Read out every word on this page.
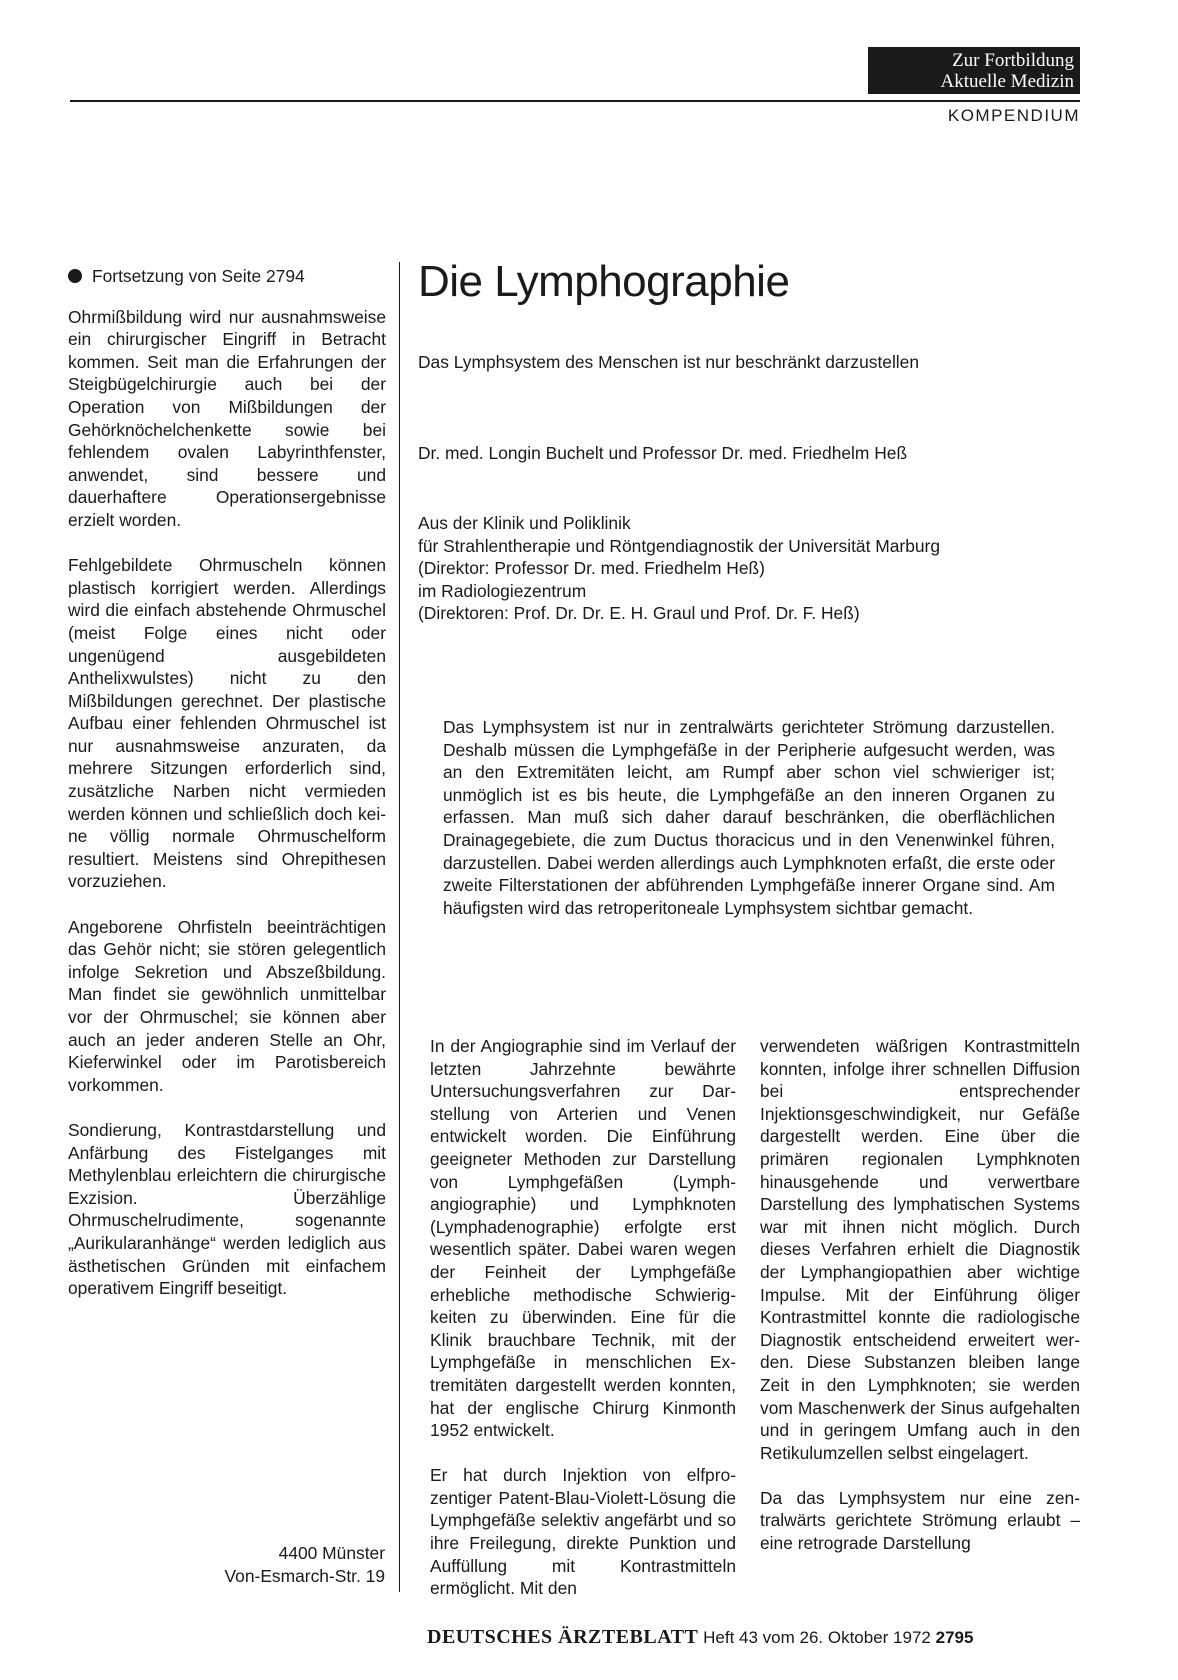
Zur Fortbildung
Aktuelle Medizin
KOMPENDIUM
Fortsetzung von Seite 2794

Ohrmißbildung wird nur ausnahmsweise ein chirurgischer Eingriff in Betracht kommen. Seit man die Erfahrungen der Steigbügelchirurgie auch bei der Operation von Mißbildungen der Gehörknöchelchenkette sowie bei fehlendem ovalen Labyrinthfenster, anwendet, sind bessere und dauerhaftere Operationsergebnisse erzielt worden.

Fehlgebildete Ohrmuscheln können plastisch korrigiert werden. Allerdings wird die einfach abstehende Ohrmuschel (meist Folge eines nicht oder ungenügend ausgebildeten Anthelixwulstes) nicht zu den Mißbildungen gerechnet. Der plastische Aufbau einer fehlenden Ohrmuschel ist nur ausnahmsweise anzuraten, da mehrere Sitzungen erforderlich sind, zusätzliche Narben nicht vermieden werden können und schließlich doch keine völlig normale Ohrmuschelform resultiert. Meistens sind Ohrepithesen vorzuziehen.

Angeborene Ohrfisteln beeinträchtigen das Gehör nicht; sie stören gelegentlich infolge Sekretion und Abszeßbildung. Man findet sie gewöhnlich unmittelbar vor der Ohrmuschel; sie können aber auch an jeder anderen Stelle an Ohr, Kieferwinkel oder im Parotisbereich vorkommen.

Sondierung, Kontrastdarstellung und Anfärbung des Fistelganges mit Methylenblau erleichtern die chirurgische Exzision. Überzählige Ohrmuschelrudimente, sogenannte „Aurikularanhänge“ werden lediglich aus ästhetischen Gründen mit einfachem operativem Eingriff beseitigt.

4400 Münster
Von-Esmarch-Str. 19
Die Lymphographie
Das Lymphsystem des Menschen ist nur beschränkt darzustellen
Dr. med. Longin Buchelt und Professor Dr. med. Friedhelm Heß
Aus der Klinik und Poliklinik
für Strahlentherapie und Röntgendiagnostik der Universität Marburg
(Direktor: Professor Dr. med. Friedhelm Heß)
im Radiologiezentrum
(Direktoren: Prof. Dr. Dr. E. H. Graul und Prof. Dr. F. Heß)

Das Lymphsystem ist nur in zentralwärts gerichteter Strömung darzustellen. Deshalb müssen die Lymphgefäße in der Peripherie aufgesucht werden, was an den Extremitäten leicht, am Rumpf aber schon viel schwieriger ist; unmöglich ist es bis heute, die Lymphgefäße an den inneren Organen zu erfassen. Man muß sich daher darauf beschränken, die oberflächlichen Drainagegebiete, die zum Ductus thoracicus und in den Venenwinkel führen, darzustellen. Dabei werden allerdings auch Lymphknoten erfaßt, die erste oder zweite Filterstationen der abführenden Lymphgefäße innerer Organe sind. Am häufigsten wird das retroperitoneale Lymphsystem sichtbar gemacht.

In der Angiographie sind im Verlauf der letzten Jahrzehnte bewährte Untersuchungsverfahren zur Darstellung von Arterien und Venen entwickelt worden. Die Einführung geeigneter Methoden zur Darstellung von Lymphgefäßen (Lymphangiographie) und Lymphknoten (Lymphadenographie) erfolgte erst wesentlich später. Dabei waren wegen der Feinheit der Lymphgefäße erhebliche methodische Schwierigkeiten zu überwinden. Eine für die Klinik brauchbare Technik, mit der Lymphgefäße in menschlichen Extremitäten dargestellt werden konnten, hat der englische Chirurg Kinmonth 1952 entwickelt.

Er hat durch Injektion von elfprozentiger Patent-Blau-Violett-Lösung die Lymphgefäße selektiv angefärbt und so ihre Freilegung, direkte Punktion und Auffüllung mit Kontrastmitteln ermöglicht. Mit den

verwendeten wäßrigen Kontrastmitteln konnten, infolge ihrer schnellen Diffusion bei entsprechender Injektionsgeschwindigkeit, nur Gefäße dargestellt werden. Eine über die primären regionalen Lymphknoten hinausgehende und verwertbare Darstellung des lymphatischen Systems war mit ihnen nicht möglich. Durch dieses Verfahren erhielt die Diagnostik der Lymphangiopathien aber wichtige Impulse. Mit der Einführung öliger Kontrastmittel konnte die radiologische Diagnostik entscheidend erweitert werden. Diese Substanzen bleiben lange Zeit in den Lymphknoten; sie werden vom Maschenwerk der Sinus aufgehalten und in geringem Umfang auch in den Retikulumzellen selbst eingelagert.

Da das Lymphsystem nur eine zentralwärts gerichtete Strömung erlaubt – eine retrograde Darstellung

DEUTSCHES ÄRZTEBLATT Heft 43 vom 26. Oktober 1972 2795
